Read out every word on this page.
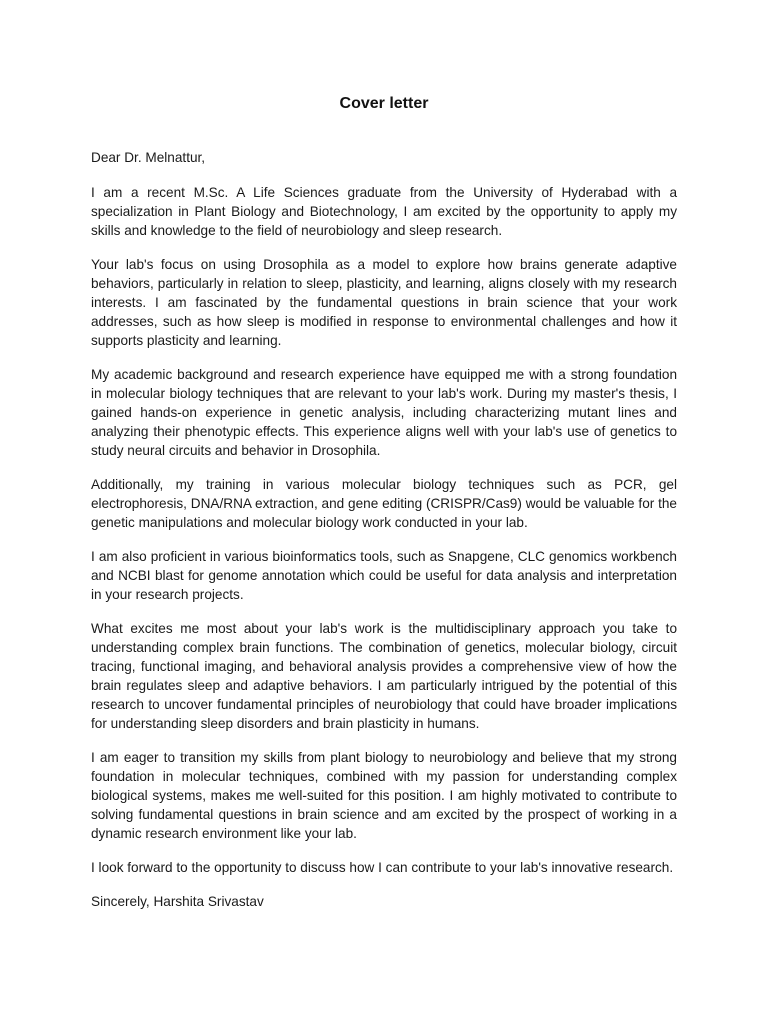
Cover letter

Dear Dr. Melnattur,

I am a recent M.Sc. A Life Sciences graduate from the University of Hyderabad with a specialization in Plant Biology and Biotechnology, I am excited by the opportunity to apply my skills and knowledge to the field of neurobiology and sleep research.

Your lab's focus on using Drosophila as a model to explore how brains generate adaptive behaviors, particularly in relation to sleep, plasticity, and learning, aligns closely with my research interests. I am fascinated by the fundamental questions in brain science that your work addresses, such as how sleep is modified in response to environmental challenges and how it supports plasticity and learning.

My academic background and research experience have equipped me with a strong foundation in molecular biology techniques that are relevant to your lab's work. During my master's thesis, I gained hands-on experience in genetic analysis, including characterizing mutant lines and analyzing their phenotypic effects. This experience aligns well with your lab's use of genetics to study neural circuits and behavior in Drosophila.

Additionally, my training in various molecular biology techniques such as PCR, gel electrophoresis, DNA/RNA extraction, and gene editing (CRISPR/Cas9) would be valuable for the genetic manipulations and molecular biology work conducted in your lab.

I am also proficient in various bioinformatics tools, such as Snapgene, CLC genomics workbench and NCBI blast for genome annotation which could be useful for data analysis and interpretation in your research projects.

What excites me most about your lab's work is the multidisciplinary approach you take to understanding complex brain functions. The combination of genetics, molecular biology, circuit tracing, functional imaging, and behavioral analysis provides a comprehensive view of how the brain regulates sleep and adaptive behaviors. I am particularly intrigued by the potential of this research to uncover fundamental principles of neurobiology that could have broader implications for understanding sleep disorders and brain plasticity in humans.

I am eager to transition my skills from plant biology to neurobiology and believe that my strong foundation in molecular techniques, combined with my passion for understanding complex biological systems, makes me well-suited for this position. I am highly motivated to contribute to solving fundamental questions in brain science and am excited by the prospect of working in a dynamic research environment like your lab.

I look forward to the opportunity to discuss how I can contribute to your lab's innovative research.

Sincerely, Harshita Srivastav
